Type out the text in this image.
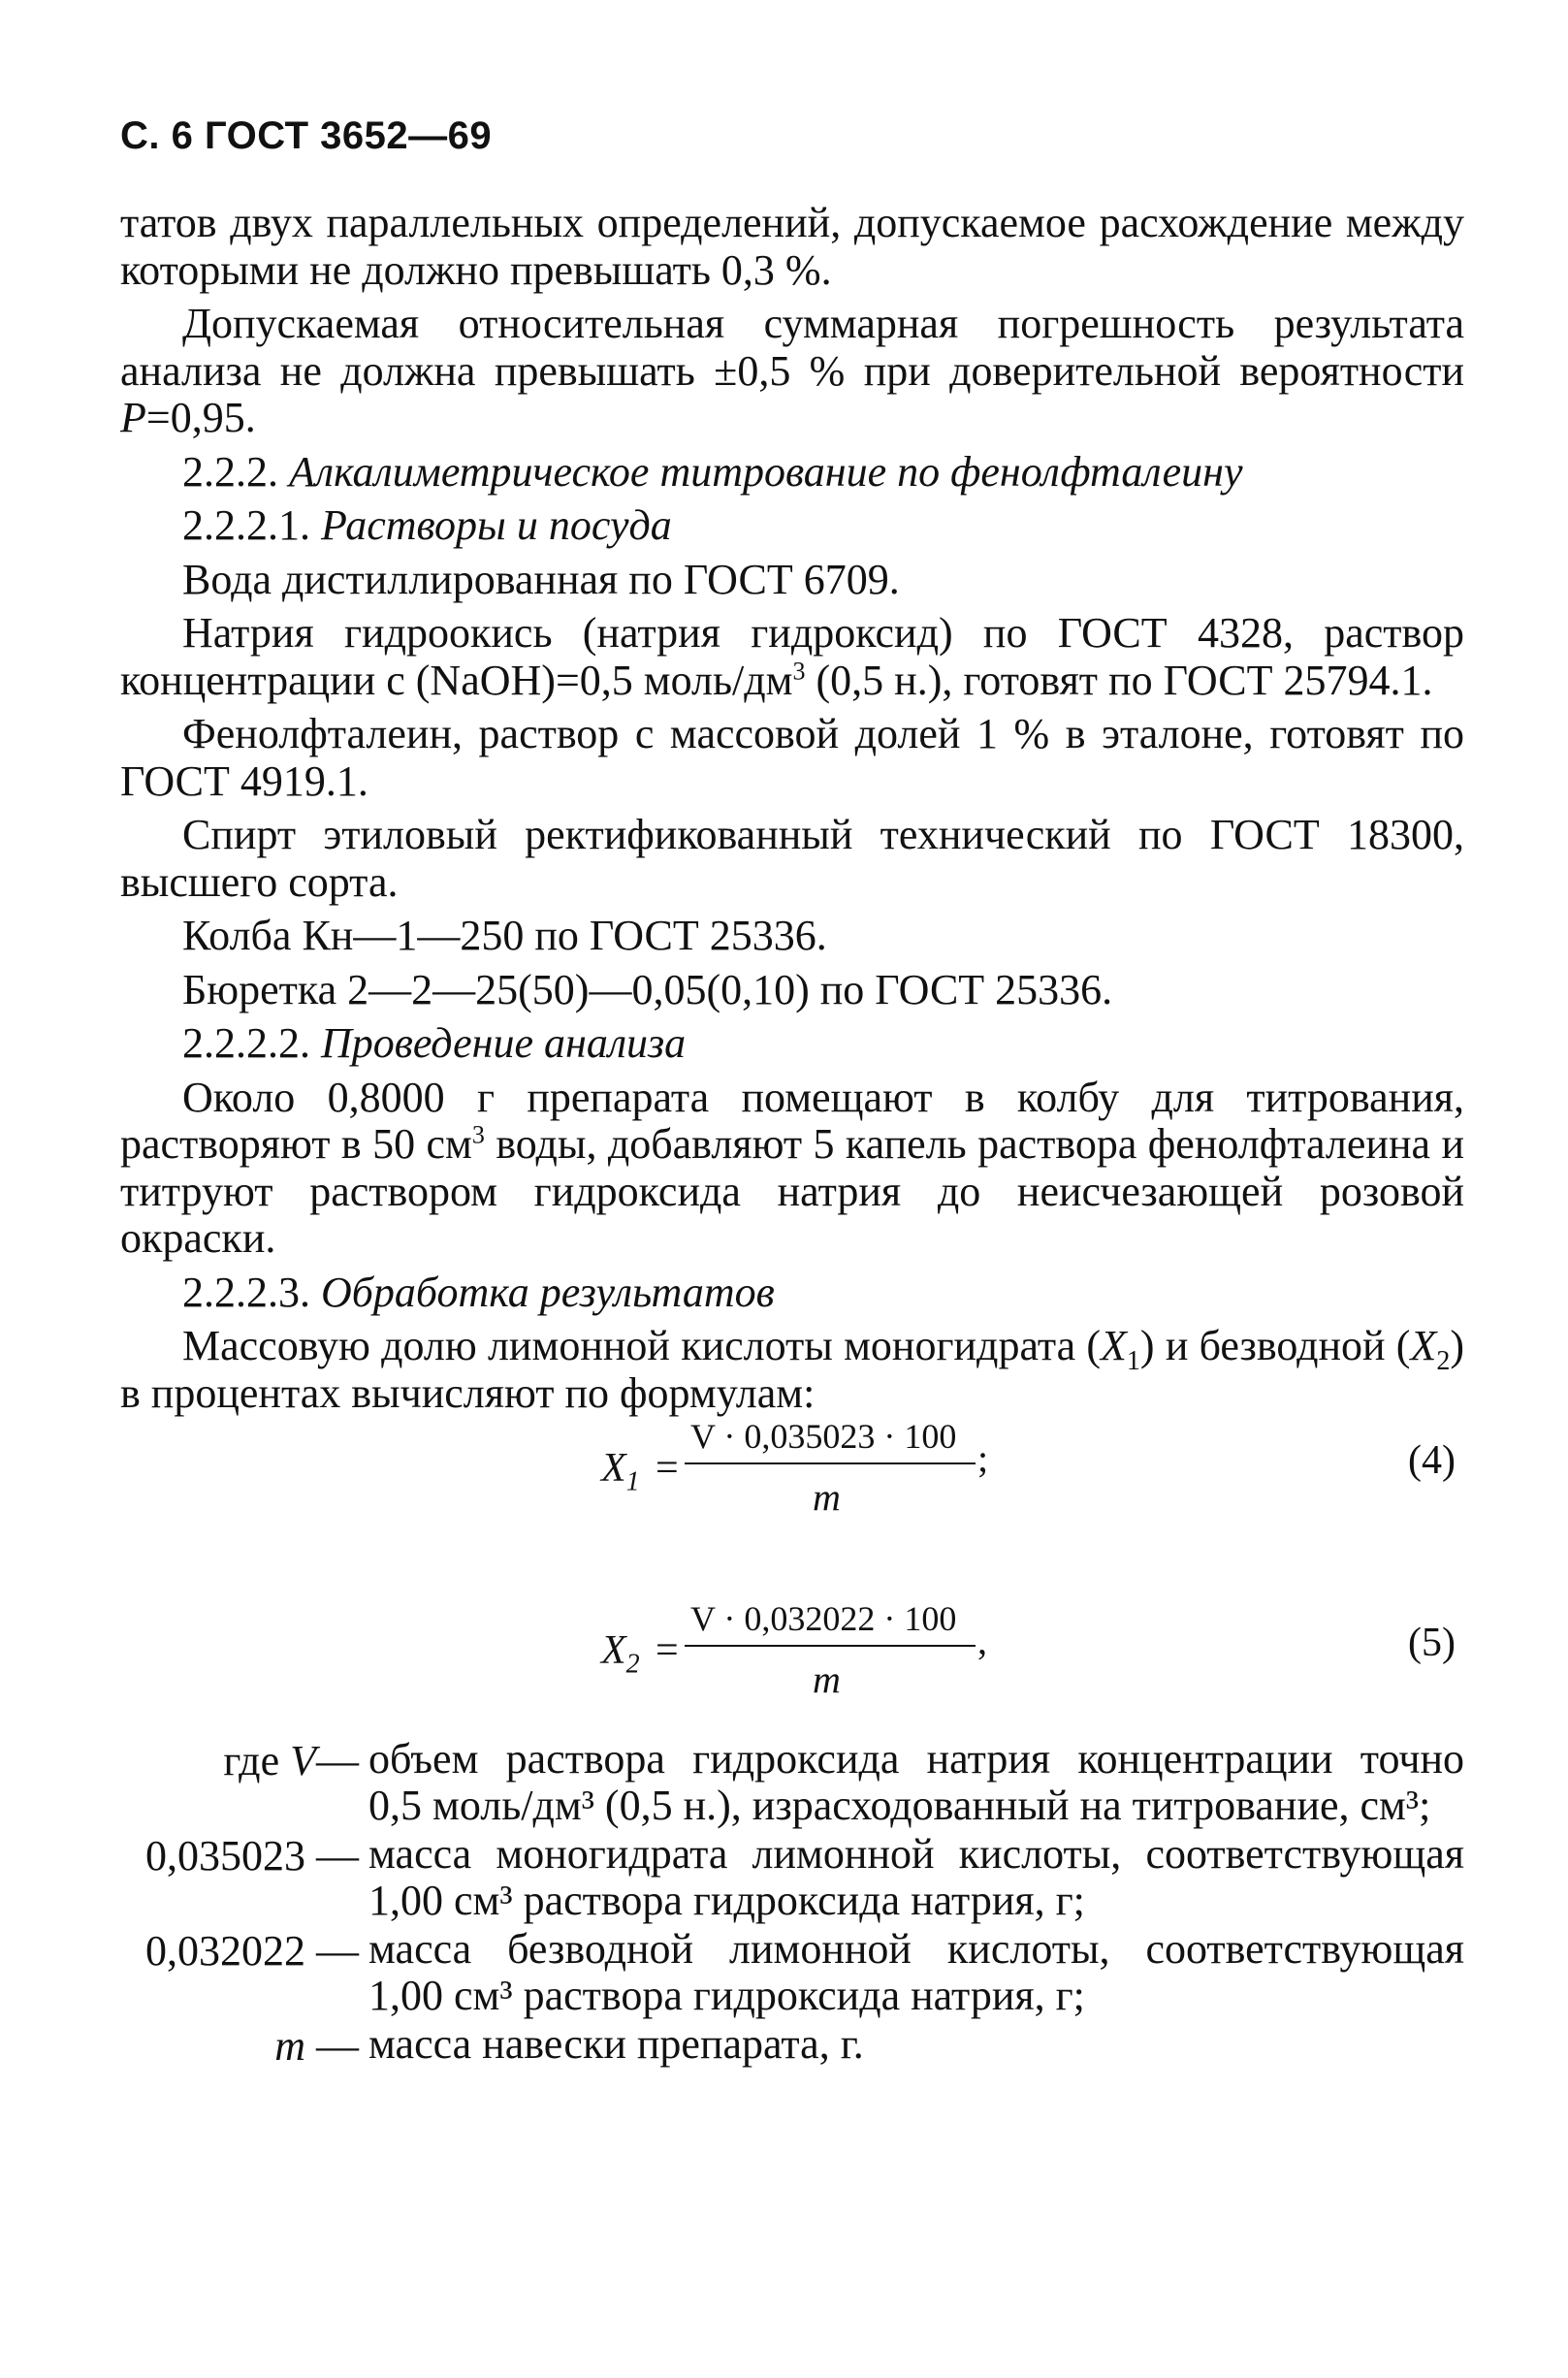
С. 6 ГОСТ 3652—69

татов двух параллельных определений, допускаемое расхождение между которыми не должно превышать 0,3 %.

Допускаемая относительная суммарная погрешность результата анализа не должна превышать ±0,5 % при доверительной вероятности Р=0,95.

2.2.2. Алкалиметрическое титрование по фенолфталеину

2.2.2.1. Растворы и посуда

Вода дистиллированная по ГОСТ 6709.

Натрия гидроокись (натрия гидроксид) по ГОСТ 4328, раствор концентрации с (NaOH)=0,5 моль/$дм^3$ (0,5 н.), готовят по ГОСТ 25794.1.

Фенолфталеин, раствор с массовой долей 1 % в эталоне, готовят по ГОСТ 4919.1.

Спирт этиловый ректификованный технический по ГОСТ 18300, высшего сорта.

Колба Кн—1—250 по ГОСТ 25336.

Бюретка 2—2—25(50)—0,05(0,10) по ГОСТ 25336.

2.2.2.2. Проведение анализа

Около 0,8000 г препарата помещают в колбу для титрования, растворяют в 50 $см^3$ воды, добавляют 5 капель раствора фенолфталеина и титруют раствором гидроксида натрия до неисчезающей розовой окраски.

2.2.2.3. Обработка результатов

Массовую долю лимонной кислоты моногидрата $(X_1)$ и безводной $(X_2)$ в процентах вычисляют по формулам:

$X_1$ =
V · 0,035023 · 100
m
;	(4)
$X_2$ =
V · 0,032022 · 100
m
,	(5)
где V— объем раствора гидроксида натрия концентрации точно
0,5 моль/дм³ (0,5 н.), израсходованный на титрование, см³;
0,035023 — масса моногидрата лимонной кислоты, соответствующая
1,00 см³ раствора гидроксида натрия, г;
0,032022 — масса безводной лимонной кислоты, соответствующая
1,00 см³ раствора гидроксида натрия, г;
m — масса навески препарата, г.
